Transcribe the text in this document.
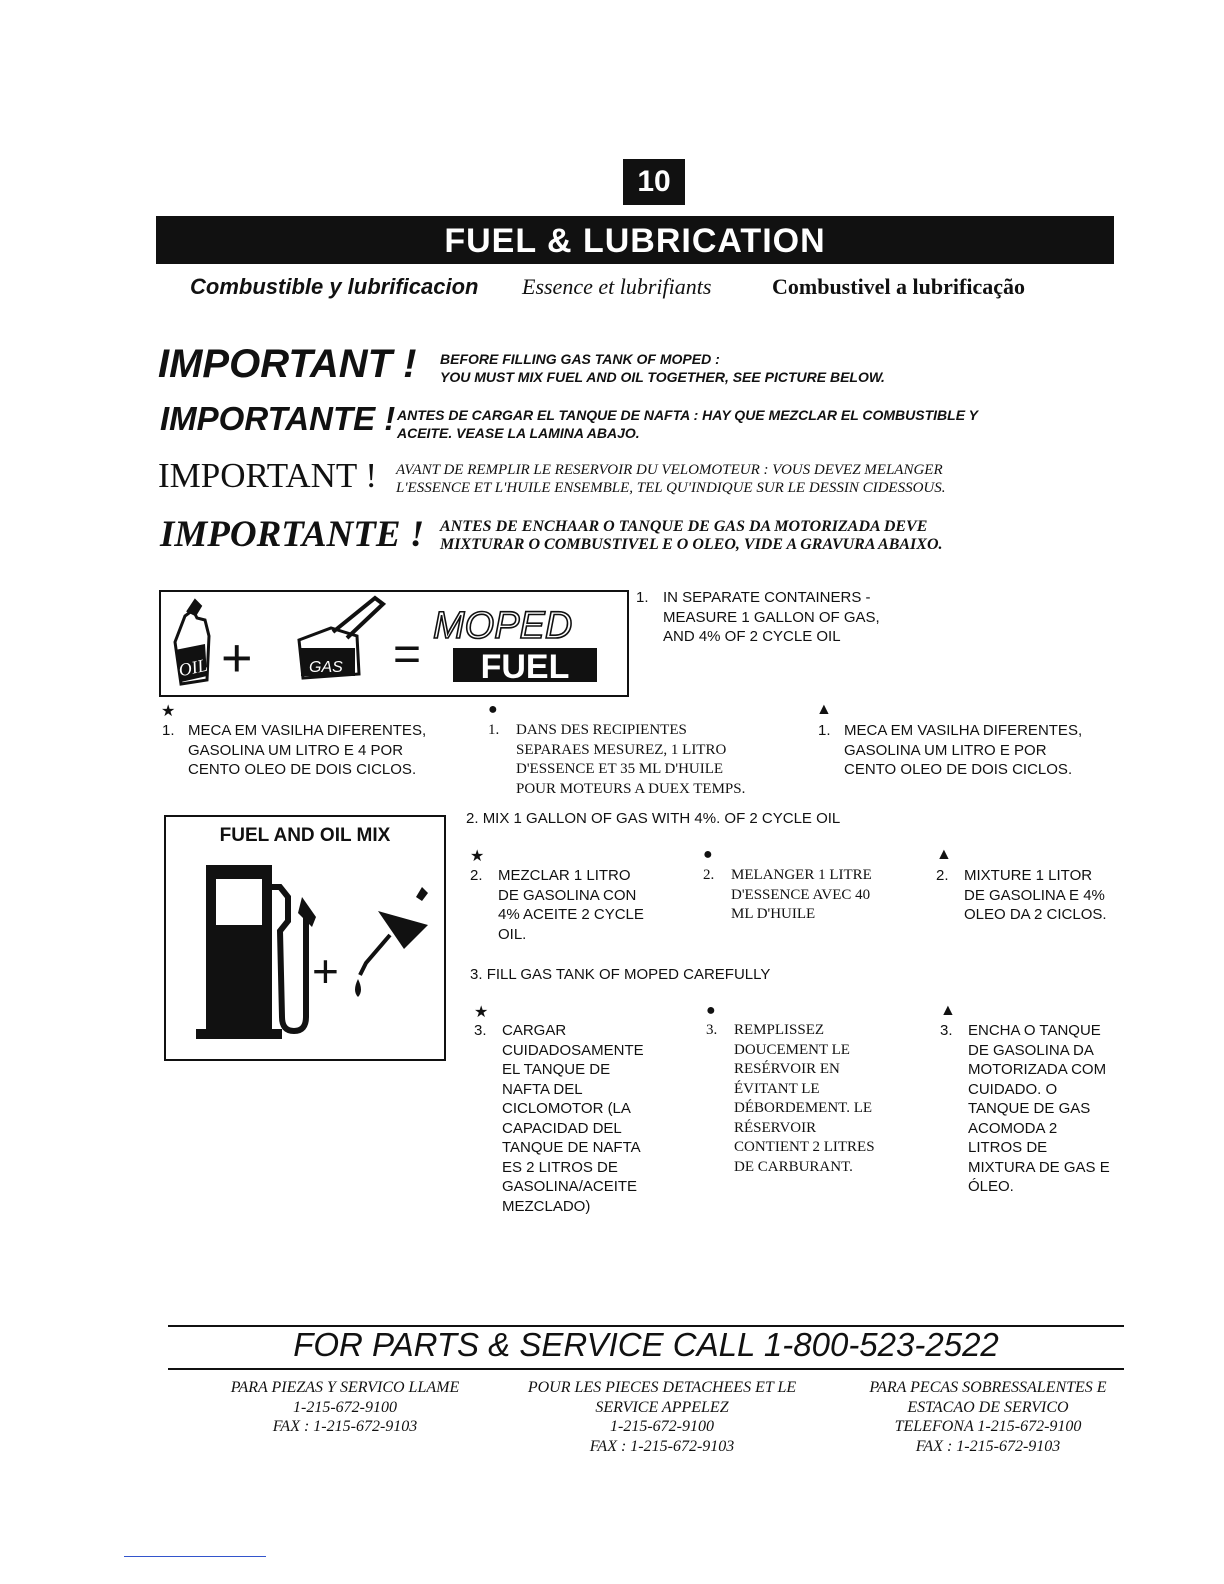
10
FUEL & LUBRICATION
Combustible y lubrificacion Essence et lubrifiants	Combustivel a lubrificação
IMPORTANT ! BEFORE FILLING GAS TANK OF MOPED :
YOU MUST MIX FUEL AND OIL TOGETHER, SEE PICTURE BELOW.
IMPORTANTE ! ANTES DE CARGAR EL TANQUE DE NAFTA : HAY QUE MEZCLAR EL COMBUSTIBLE Y
ACEITE. VEASE LA LAMINA ABAJO.
IMPORTANT ! AVANT DE REMPLIR LE RESERVOIR DU VELOMOTEUR : VOUS DEVEZ MELANGER
L'ESSENCE ET L'HUILE ENSEMBLE, TEL QU'INDIQUE SUR LE DESSIN CIDESSOUS.
IMPORTANTE ! ANTES DE ENCHAAR O TANQUE DE GAS DA MOTORIZADA DEVE
MIXTURAR O COMBUSTIVEL E O OLEO, VIDE A GRAVURA ABAIXO.
OIL +	GAS =
MOPED
FUEL
1. IN SEPARATE CONTAINERS -
MEASURE 1 GALLON OF GAS,
AND 4% OF 2 CYCLE OIL
★
1. MECA EM VASILHA DIFERENTES,
GASOLINA UM LITRO E 4 POR
CENTO OLEO DE DOIS CICLOS.
●
1. DANS DES RECIPIENTES
SEPARAES MESUREZ, 1 LITRO
D'ESSENCE ET 35 ML D'HUILE
POUR MOTEURS A DUEX TEMPS.
▲
1. MECA EM VASILHA DIFERENTES,
GASOLINA UM LITRO E POR
CENTO OLEO DE DOIS CICLOS.
FUEL AND OIL MIX
+
2. MIX 1 GALLON OF GAS WITH 4%. OF 2 CYCLE OIL
★
2. MEZCLAR 1 LITRO
DE GASOLINA CON
4% ACEITE 2 CYCLE
OIL.
●
2. MELANGER 1 LITRE
D'ESSENCE AVEC 40
ML D'HUILE
▲
2. MIXTURE 1 LITOR
DE GASOLINA E 4%
OLEO DA 2 CICLOS.
3. FILL GAS TANK OF MOPED CAREFULLY
★
3. CARGAR
CUIDADOSAMENTE
EL TANQUE DE
NAFTA DEL
CICLOMOTOR (LA
CAPACIDAD DEL
TANQUE DE NAFTA
ES 2 LITROS DE
GASOLINA/ACEITE
MEZCLADO)
●
3. REMPLISSEZ
DOUCEMENT LE
RESÉRVOIR EN
ÉVITANT LE
DÉBORDEMENT. LE
RÉSERVOIR
CONTIENT 2 LITRES
DE CARBURANT.
▲
3. ENCHA O TANQUE
DE GASOLINA DA
MOTORIZADA COM
CUIDADO. O
TANQUE DE GAS
ACOMODA 2
LITROS DE
MIXTURA DE GAS E
ÓLEO.
FOR PARTS & SERVICE CALL 1-800-523-2522
PARA PIEZAS Y SERVICO LLAME
1-215-672-9100
FAX : 1-215-672-9103
POUR LES PIECES DETACHEES ET LE
SERVICE APPELEZ
1-215-672-9100
FAX : 1-215-672-9103
PARA PECAS SOBRESSALENTES E
ESTACAO DE SERVICO
TELEFONA 1-215-672-9100
FAX : 1-215-672-9103
